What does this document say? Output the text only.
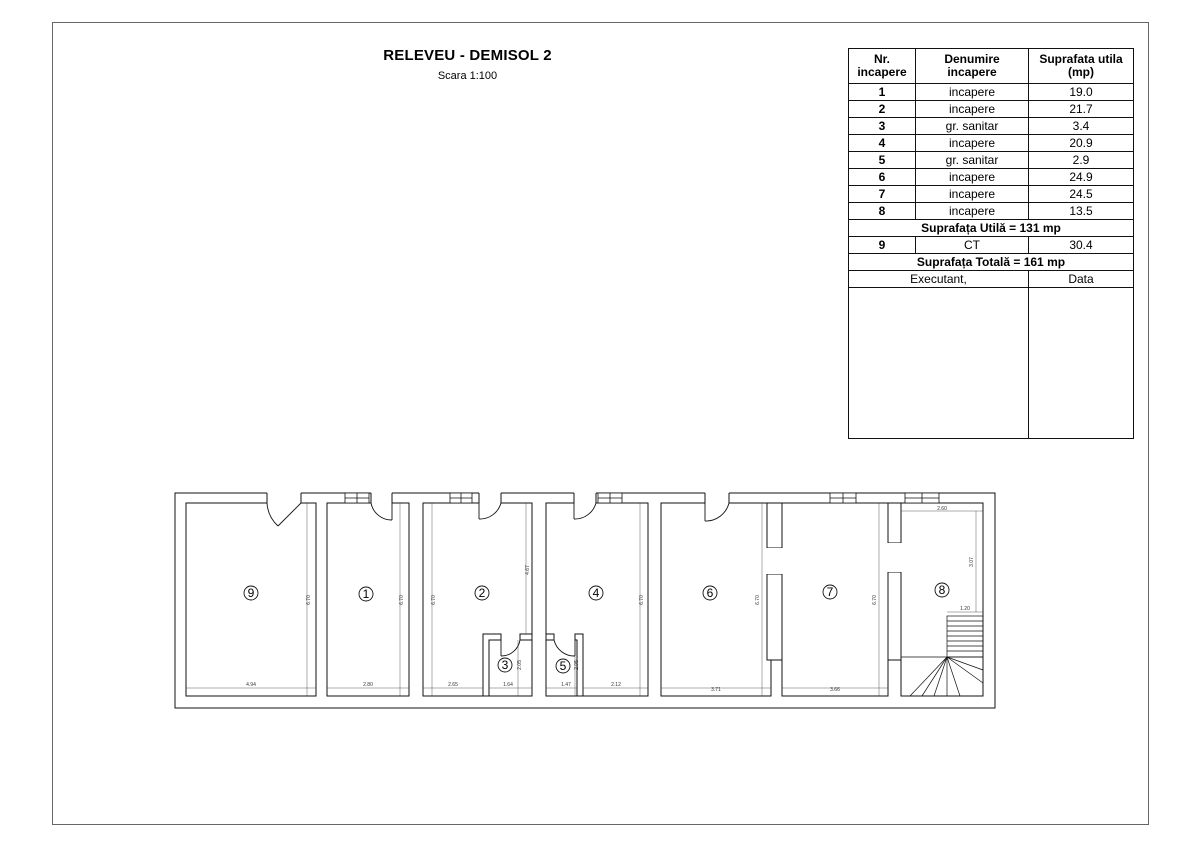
RELEVEU - DEMISOL 2
Scara 1:100
Nr. incapere	Denumire incapere	Suprafata utila (mp)
1	incapere	19.0
2	incapere	21.7
3	gr. sanitar	3.4
4	incapere	20.9
5	gr. sanitar	2.9
6	incapere	24.9
7	incapere	24.5
8	incapere	13.5
Suprafața Utilă = 131 mp		
9	CT	30.4
Suprafața Totală = 161 mp		
Executant,		Data

4.94
6.70
2.80
6.70
2.65
6.70
4.67
1.64
2.05
1.47
2.05
2.12
6.70
3.71
6.70
3.66
6.70
2.60
3.07
1.20
9	1	2
3
4
5
6	7	8
